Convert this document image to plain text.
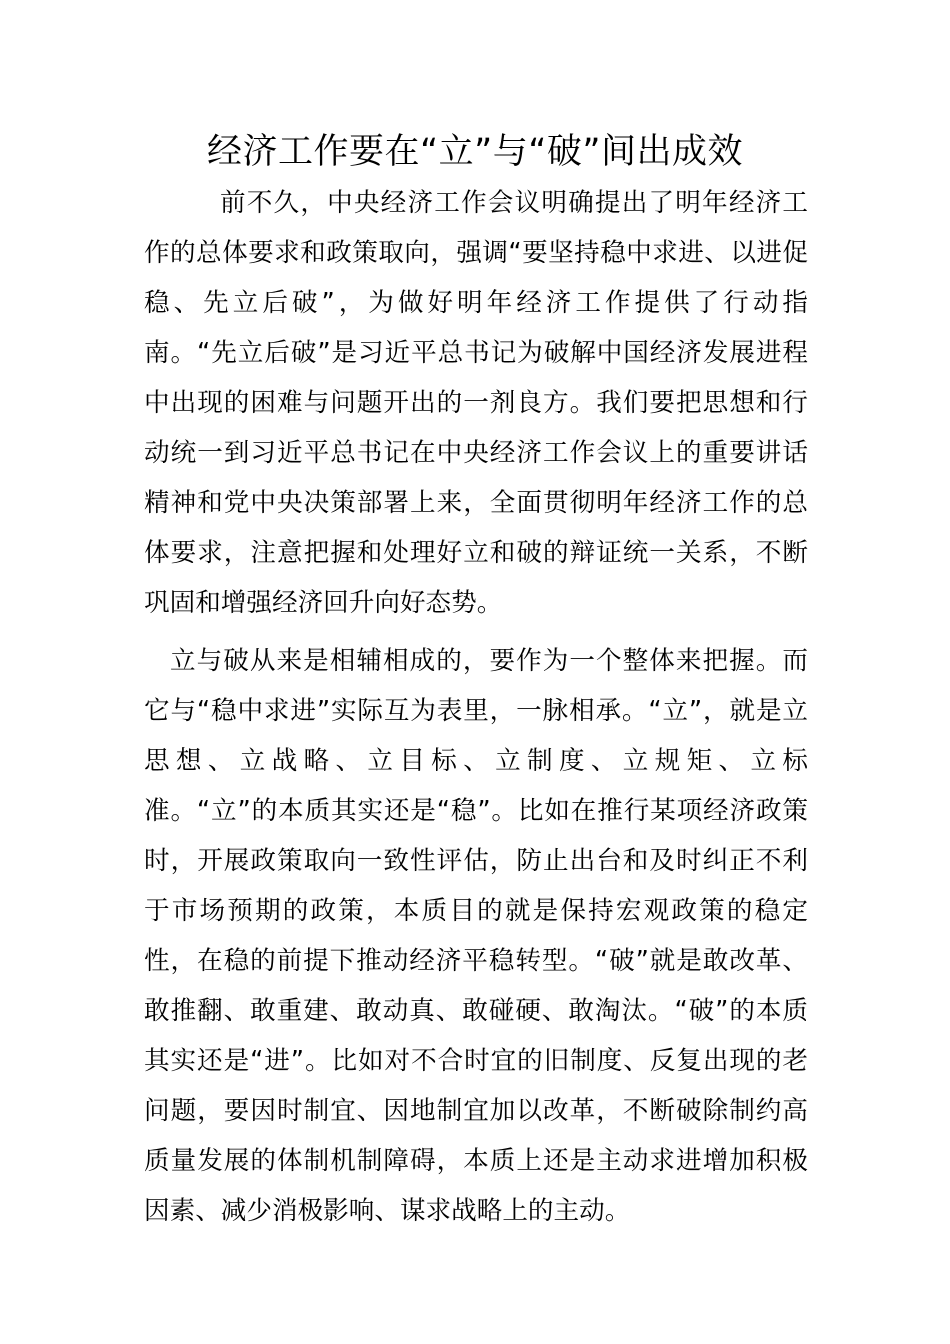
经济工作要在“立”与“破”间出成效

前不久，中央经济工作会议明确提出了明年经济工作的总体要求和政策取向，强调“要坚持稳中求进、以进促稳、先立后破”，为做好明年经济工作提供了行动指南。“先立后破”是习近平总书记为破解中国经济发展进程中出现的困难与问题开出的一剂良方。我们要把思想和行动统一到习近平总书记在中央经济工作会议上的重要讲话精神和党中央决策部署上来，全面贯彻明年经济工作的总体要求，注意把握和处理好立和破的辩证统一关系，不断巩固和增强经济回升向好态势。

立与破从来是相辅相成的，要作为一个整体来把握。而它与“稳中求进”实际互为表里，一脉相承。“立”，就是立思想、立战略、立目标、立制度、立规矩、立标准。“立”的本质其实还是“稳”。比如在推行某项经济政策时，开展政策取向一致性评估，防止出台和及时纠正不利于市场预期的政策，本质目的就是保持宏观政策的稳定性，在稳的前提下推动经济平稳转型。“破”就是敢改革、敢推翻、敢重建、敢动真、敢碰硬、敢淘汰。“破”的本质其实还是“进”。比如对不合时宜的旧制度、反复出现的老问题，要因时制宜、因地制宜加以改革，不断破除制约高质量发展的体制机制障碍，本质上还是主动求进增加积极因素、减少消极影响、谋求战略上的主动。
